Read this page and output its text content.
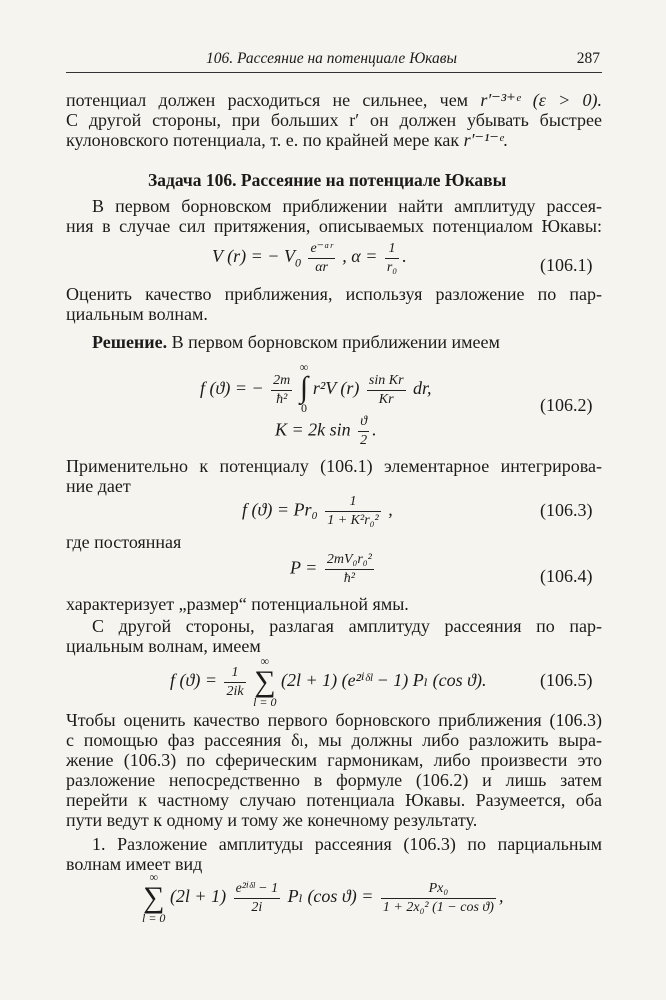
106. Рассеяние на потенциале Юкавы	287
потенциал должен расходиться не сильнее, чем r′⁻³⁺ᵉ (ε > 0).
С другой стороны, при больших r′ он должен убывать быстрее
кулоновского потенциала, т. е. по крайней мере как r′⁻¹⁻ᵉ.
Задача 106. Рассеяние на потенциале Юкавы
В первом борновском приближении найти амплитуду рассея-
ния в случае сил притяжения, описываемых потенциалом Юкавы:
V (r) = − $V_0 \frac{\text{e⁻ᵅʳ}}{\alpha r}$ , $\alpha = \frac{1}{\text{r₀}}$ .	(106.1)
Оценить качество приближения, используя разложение по пар-
циальным волнам.
Решение. В первом борновском приближении имеем
f (ϑ) = − $\frac{2m}{\text{ħ²}}$

∞
∫
0
r²V $(r) \frac{\text{sin Kr}}{Kr}$ dr,
(106.2)
K = 2k $\sin \frac{ϑ}{2}$ .
Применительно к потенциалу (106.1) элементарное интегрирова-
ние дает
f $(ϑ) = Pr_0 \frac{1}{\text{1 + K²r₀²}}$ ,	(106.3)
где постоянная
$P = \frac{\text{2mV₀r₀²}}{\text{ħ²}}$	(106.4)
характеризует „размер“ потенциальной ямы.
С другой стороны, разлагая амплитуду рассеяния по пар-
циальным волнам, имеем
f $(ϑ) = \frac{1}{2ik}$

∞
∑
l = 0
(2l + 1) (e²ⁱᵟˡ − 1) Pₗ (cos ϑ).	(106.5)
Чтобы оценить качество первого борновского приближения (106.3)
с помощью фаз рассеяния δₗ, мы должны либо разложить выра-
жение (106.3) по сферическим гармоникам, либо произвести это
разложение непосредственно в формуле (106.2) и лишь затем
перейти к частному случаю потенциала Юкавы. Разумеется, оба
пути ведут к одному и тому же конечному результату.
1. Разложение амплитуды рассеяния (106.3) по парциальным
волнам имеет вид
∞
∑
l = 0
$(2l + 1) \frac{\text{e²ⁱᵟˡ − 1}}{2i}$ Pₗ (cos $ϑ) = \frac{\text{Px₀}}{\text{1 + 2x₀² (1 − cos ϑ)}}$ ,
